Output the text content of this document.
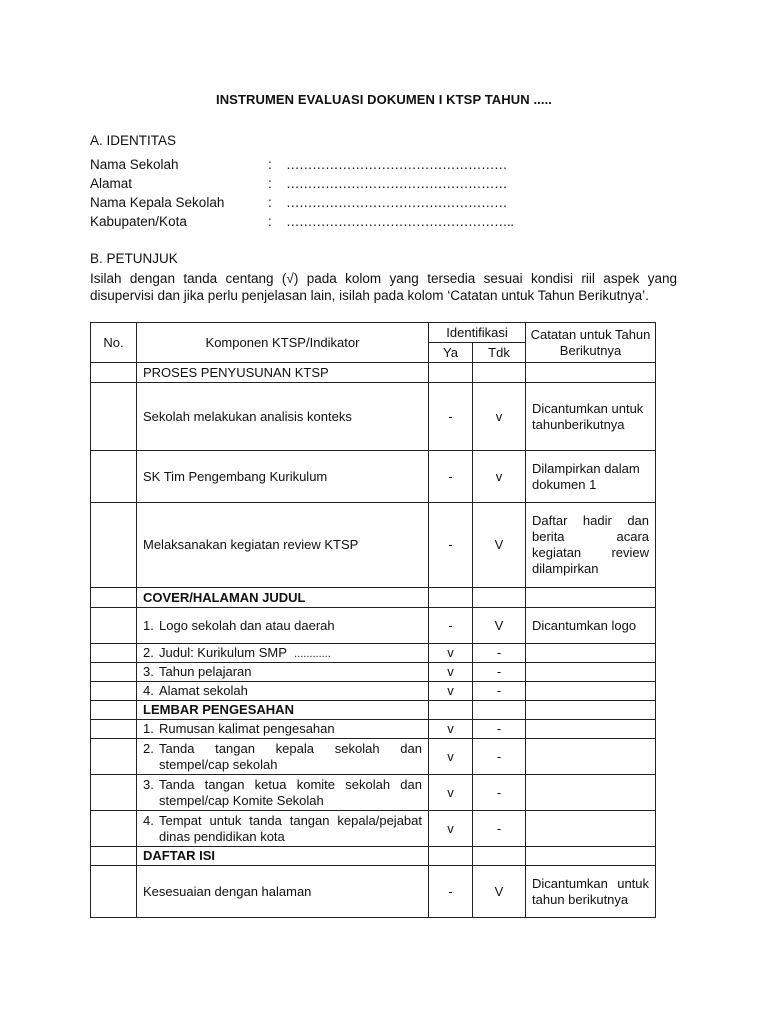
INSTRUMEN EVALUASI DOKUMEN I KTSP TAHUN .....
A. IDENTITAS
Nama Sekolah	: ……………………………………………
Alamat	: ……………………………………………
Nama Kepala Sekolah	: ……………………………………………
Kabupaten/Kota	: ……………………………………………..
B. PETUNJUK
Isilah dengan tanda centang (√) pada kolom yang tersedia sesuai kondisi riil aspek yang disupervisi dan jika perlu penjelasan lain, isilah pada kolom ‘Catatan untuk Tahun Berikutnya’.
No.	Komponen KTSP/Indikator	Identifikasi		Catatan untuk Tahun Berikutnya
		Ya	Tdk	
	PROSES PENYUSUNAN KTSP			
	Sekolah melakukan analisis konteks	-	v	Dicantumkan untuk tahunberikutnya
	SK Tim Pengembang Kurikulum	-	v	Dilampirkan dalam dokumen 1
	Melaksanakan kegiatan review KTSP	-	V	Daftar hadir dan berita acara kegiatan review dilampirkan
	COVER/HALAMAN JUDUL			

	1. Logo sekolah dan atau daerah	-	V	Dicantumkan logo

	2. Judul: Kurikulum SMP ............	v	-	

	3. Tahun pelajaran	v	-	

	4. Alamat sekolah	v	-	
	LEMBAR PENGESAHAN			

	1. Rumusan kalimat pengesahan	v	-	

	2. Tanda tangan kepala sekolah dan stempel/cap sekolah	v	-	

	3. Tanda tangan ketua komite sekolah dan stempel/cap Komite Sekolah	v	-	

	4. Tempat untuk tanda tangan kepala/pejabat dinas pendidikan kota	v	-	
	DAFTAR ISI			
	Kesesuaian dengan halaman	-	V	Dicantumkan untuk tahun berikutnya
